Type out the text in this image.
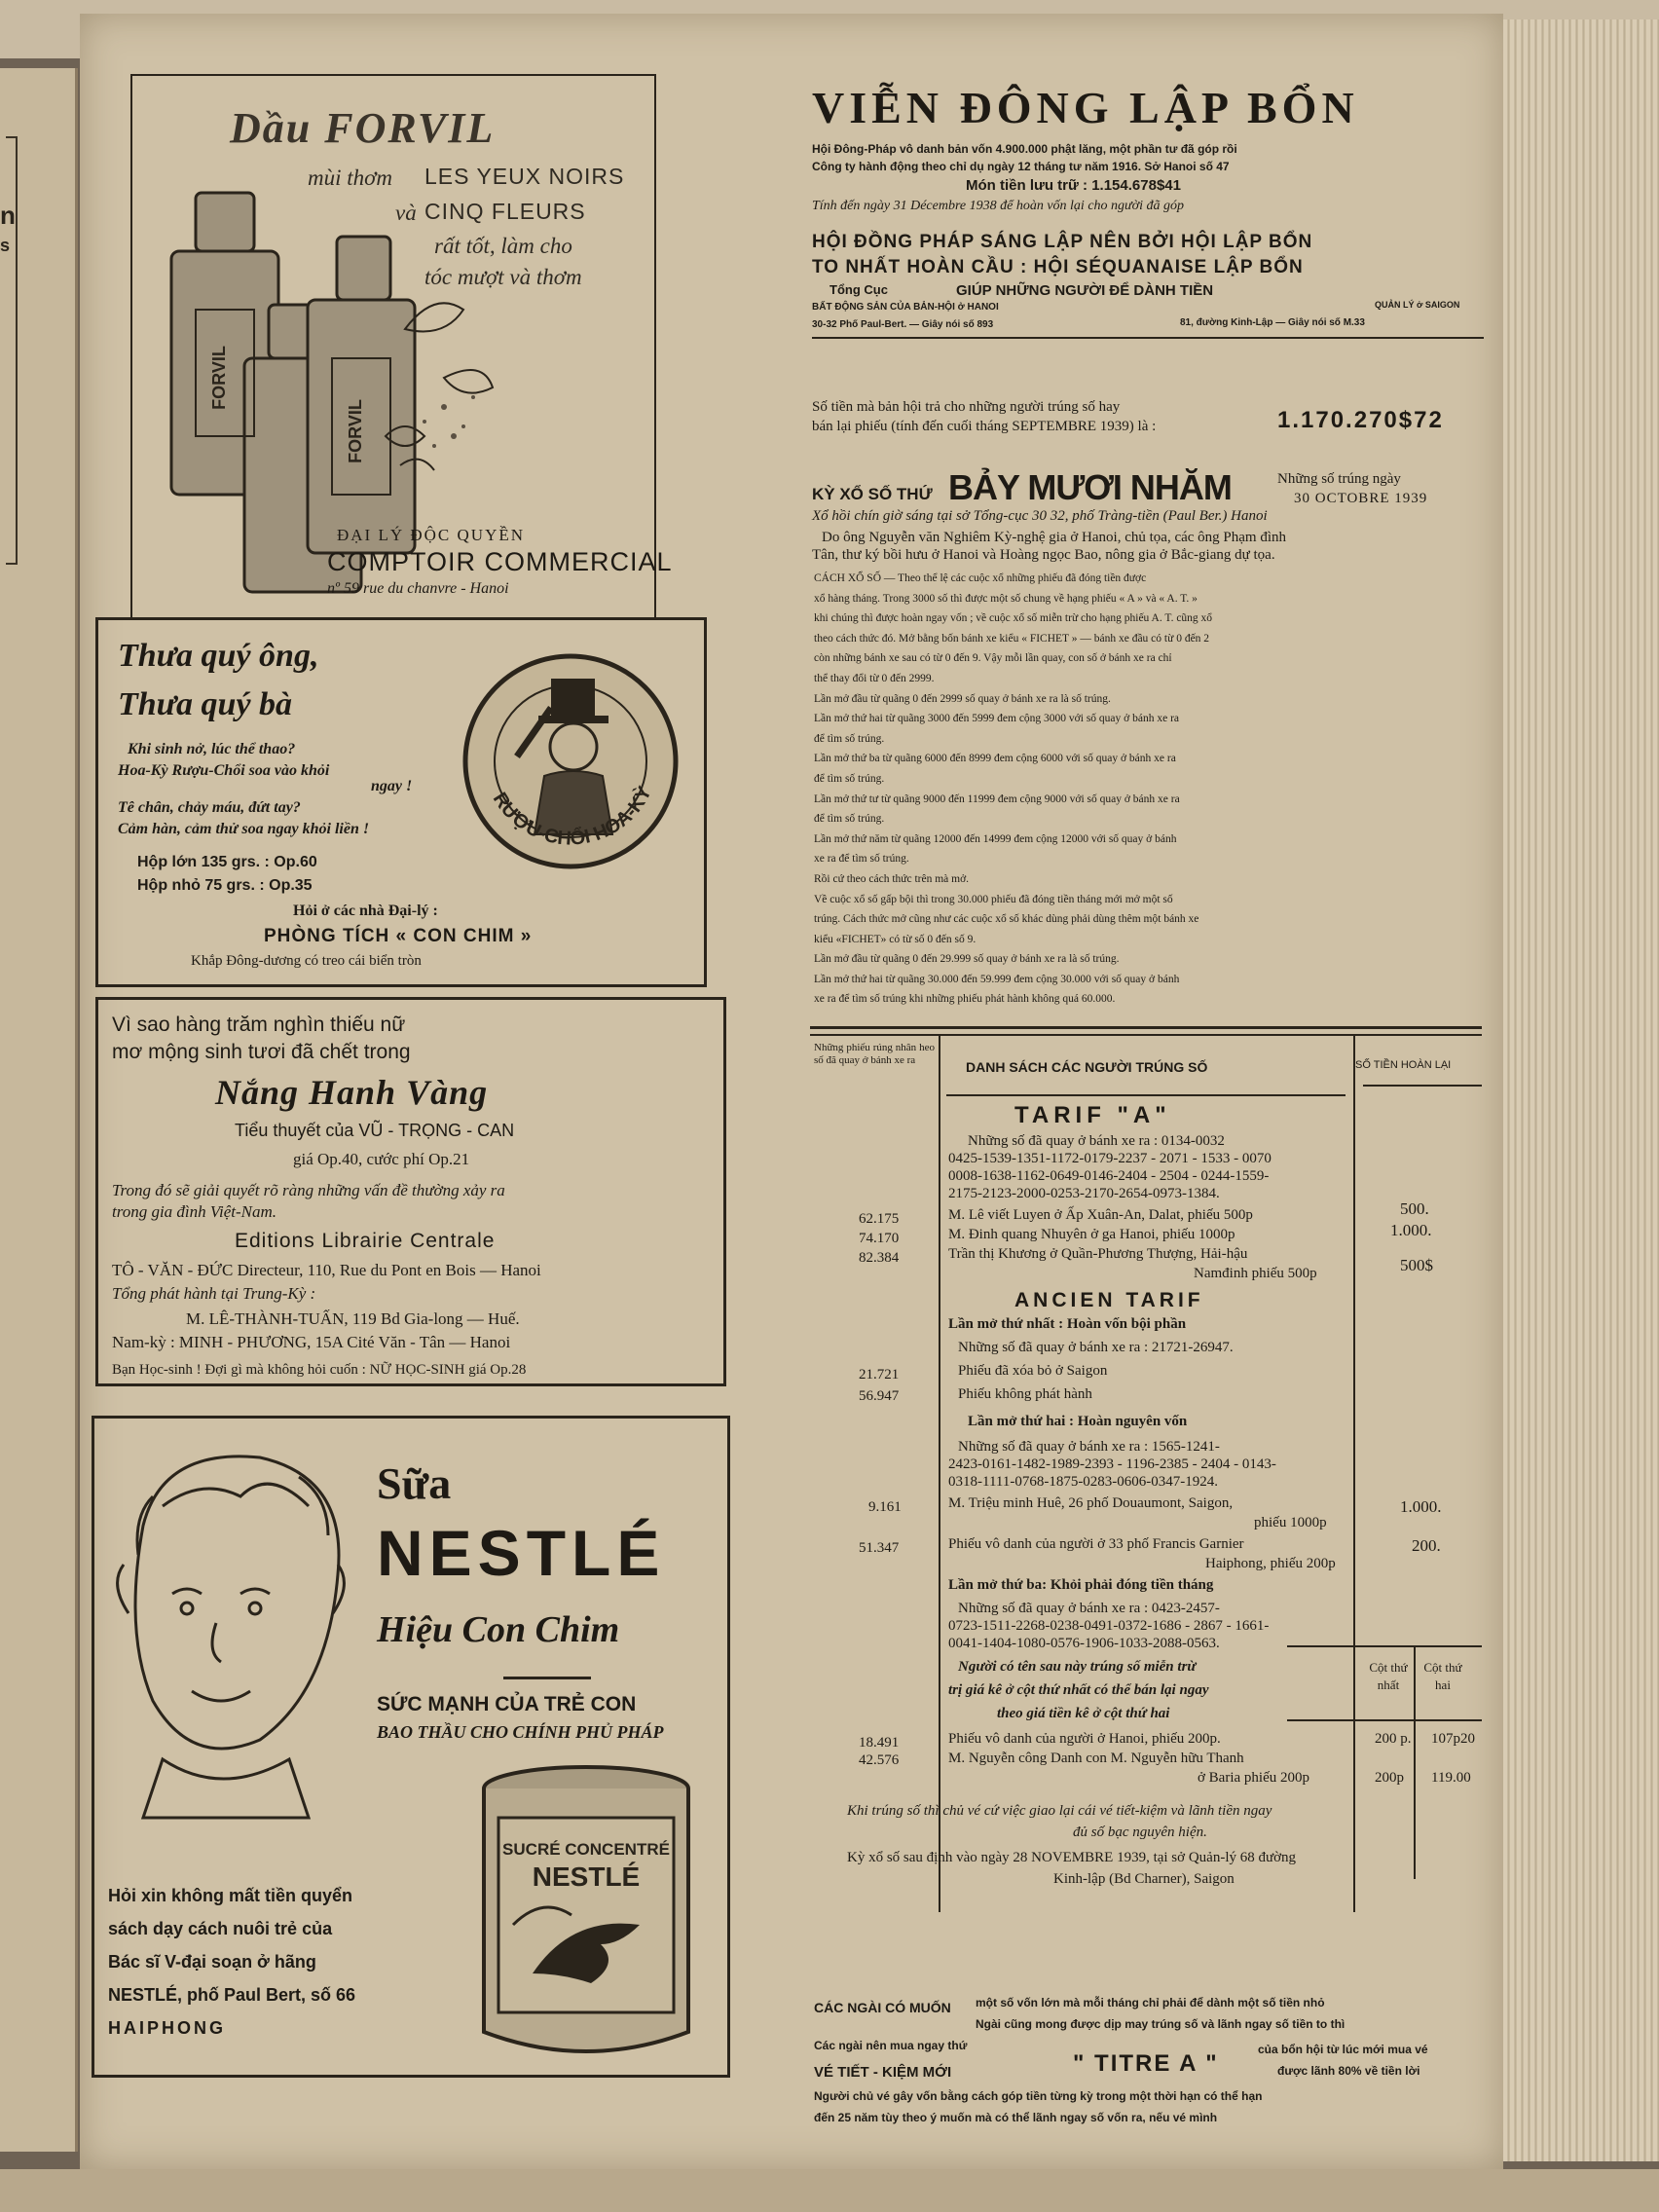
n
s
Dầu FORVIL
mùi thơm LES YEUX NOIRS
và CINQ FLEURS
rất tốt, làm cho
tóc mượt và thơm
FORVIL
FORVIL
ĐẠI LÝ ĐỘC QUYỀN
COMPTOIR COMMERCIAL
nº 59 rue du chanvre - Hanoi
Thưa quý ông,
Thưa quý bà
Khi sinh nở, lúc thể thao?
Hoa-Kỳ Rượu-Chổi soa vào khỏi
ngay !
Tê chân, chảy máu, đứt tay?
Cảm hàn, cảm thử soa ngay khỏi liền !
Hộp lớn 135 grs. : Op.60
Hộp nhỏ 75 grs. : Op.35
Hỏi ở các nhà Đại-lý :
PHÒNG TÍCH « CON CHIM »
Khắp Đông-dương có treo cái biển tròn
RƯỢU-CHỔI HOA-KỲ
Vì sao hàng trăm nghìn thiếu nữ
mơ mộng sinh tươi đã chết trong
Nắng Hanh Vàng
Tiểu thuyết của VŨ - TRỌNG - CAN
giá Op.40, cước phí Op.21
Trong đó sẽ giải quyết rõ ràng những vấn đề thường xảy ra
trong gia đình Việt-Nam.
Editions Librairie Centrale
TÔ - VĂN - ĐỨC Directeur, 110, Rue du Pont en Bois — Hanoi
Tổng phát hành tại Trung-Kỳ :
M. LÊ-THÀNH-TUẤN, 119 Bd Gia-long — Huế.
Nam-kỳ : MINH - PHƯƠNG, 15A Cité Văn - Tân — Hanoi
Bạn Học-sinh ! Đợi gì mà không hỏi cuốn : NỮ HỌC-SINH giá Op.28
Sữa
NESTLÉ
Hiệu Con Chim
SỨC MẠNH CỦA TRẺ CON
BAO THẦU CHO CHÍNH PHỦ PHÁP
Hỏi xin không mất tiền quyển
sách dạy cách nuôi trẻ của
Bác sĩ V-đại soạn ở hãng
NESTLÉ, phố Paul Bert, số 66
HAIPHONG
SUCRÉ CONCENTRÉ
NESTLÉ
VIỄN ĐÔNG LẬP BỔN
Hội Đông-Pháp vô danh bản vốn 4.900.000 phật lăng, một phần tư đã góp rồi
Công ty hành động theo chỉ dụ ngày 12 tháng tư năm 1916. Sở Hanoi số 47
Món tiền lưu trữ : 1.154.678$41
Tính đến ngày 31 Décembre 1938 để hoàn vốn lại cho người đã góp
HỘI ĐỒNG PHÁP SÁNG LẬP NÊN BỞI HỘI LẬP BỔN
TO NHẤT HOÀN CẦU : HỘI SÉQUANAISE LẬP BỔN
Tổng Cục	GIÚP NHỮNG NGƯỜI ĐỂ DÀNH TIỀN
QUẢN LÝ ở SAIGON
BẤT ĐỘNG SẢN CỦA BẢN-HỘI ở HANOI
30-32 Phố Paul-Bert. — Giây nói số 893	81, đường Kinh-Lập — Giây nói số M.33
Số tiền mà bản hội trả cho những người trúng số hay
bán lại phiếu (tính đến cuối tháng SEPTEMBRE 1939) là :	1.170.270$72
KỲ XỔ SỐ THỨ BẢY MƯƠI NHĂM	Những số trúng ngày
30 OCTOBRE 1939
Xổ hồi chín giờ sáng tại sở Tổng-cục 30 32, phố Tràng-tiền (Paul Ber.) Hanoi
Do ông Nguyễn văn Nghiêm Kỳ-nghệ gia ở Hanoi, chủ tọa, các ông Phạm đình
Tân, thư ký bồi hưu ở Hanoi và Hoàng ngọc Bao, nông gia ở Bắc-giang dự tọa.
CÁCH XỔ SỐ — Theo thể lệ các cuộc xổ những phiếu đã đóng tiền được
xổ hàng tháng. Trong 3000 số thì được một số chung về hạng phiếu « A » và « A. T. »
khi chúng thì được hoàn ngay vốn ; về cuộc xổ số miễn trừ cho hạng phiếu A. T. cũng xổ
theo cách thức đó. Mở bằng bốn bánh xe kiểu « FICHET » — bánh xe đầu có từ 0 đến 2
còn những bánh xe sau có từ 0 đến 9. Vậy mỗi lần quay, con số ở bánh xe ra chỉ
thể thay đổi từ 0 đến 2999.
Lần mở đầu từ quãng 0 đến 2999 số quay ở bánh xe ra là số trúng.
Lần mở thứ hai từ quãng 3000 đến 5999 đem cộng 3000 với số quay ở bánh xe ra
để tìm số trúng.
Lần mở thứ ba từ quãng 6000 đến 8999 đem cộng 6000 với số quay ở bánh xe ra
để tìm số trúng.
Lần mở thứ tư từ quãng 9000 đến 11999 đem cộng 9000 với số quay ở bánh xe ra
để tìm số trúng.
Lần mở thứ năm từ quãng 12000 đến 14999 đem cộng 12000 với số quay ở bánh
xe ra để tìm số trúng.
Rồi cứ theo cách thức trên mà mở.
Về cuộc xổ số gấp bội thì trong 30.000 phiếu đã đóng tiền tháng mới mở một số
trúng. Cách thức mở cũng như các cuộc xổ số khác dùng phải dùng thêm một bánh xe
kiểu «FICHET» có từ số 0 đến số 9.
Lần mở đầu từ quãng 0 đến 29.999 số quay ở bánh xe ra là số trúng.
Lần mở thứ hai từ quãng 30.000 đến 59.999 đem cộng 30.000 với số quay ở bánh
xe ra để tìm số trúng khi những phiếu phát hành không quá 60.000.
Những phiếu rúng nhân heo số đã quay ở bánh xe ra	DANH SÁCH CÁC NGƯỜI TRÚNG SỐ	SỐ TIỀN HOÀN LẠI
TARIF "A"
Những số đã quay ở bánh xe ra : 0134-0032
0425-1539-1351-1172-0179-2237 - 2071 - 1533 - 0070
0008-1638-1162-0649-0146-2404 - 2504 - 0244-1559-
2175-2123-2000-0253-2170-2654-0973-1384.
62.175	M. Lê viết Luyen ở Ấp Xuân-An, Dalat, phiếu 500p	500.
74.170	M. Đinh quang Nhuyên ở ga Hanoi, phiếu 1000p	1.000.
82.384	Trần thị Khương ở Quần-Phương Thượng, Hải-hậu
Namđinh phiếu 500p	500$
ANCIEN TARIF
Lần mở thứ nhất : Hoàn vốn bội phần
Những số đã quay ở bánh xe ra : 21721-26947.
21.721	Phiếu đã xóa bỏ ở Saigon
56.947	Phiếu không phát hành
Lần mở thứ hai : Hoàn nguyên vốn
Những số đã quay ở bánh xe ra : 1565-1241-
2423-0161-1482-1989-2393 - 1196-2385 - 2404 - 0143-
0318-1111-0768-1875-0283-0606-0347-1924.
9.161	M. Triệu minh Huê, 26 phố Douaumont, Saigon,
phiếu 1000p
1.000.
51.347	Phiếu vô danh của người ở 33 phố Francis Garnier
Haiphong, phiếu 200p
200.
Lần mở thứ ba: Khỏi phải đóng tiền tháng
Những số đã quay ở bánh xe ra : 0423-2457-
0723-1511-2268-0238-0491-0372-1686 - 2867 - 1661-
0041-1404-1080-0576-1906-1033-2088-0563.
Cột thứ nhất
Cột thứ hai
Người có tên sau này trúng số miễn trừ
trị giá kê ở cột thứ nhất có thể bán lại ngay
theo giá tiền kê ở cột thứ hai
18.491	Phiếu vô danh của người ở Hanoi, phiếu 200p.	200 p. 107p20
42.576	M. Nguyễn công Danh con M. Nguyễn hữu Thanh
ở Baria phiếu 200p	200p 119.00
Khi trúng số thì chủ vé cứ việc giao lại cái vé tiết-kiệm và lãnh tiền ngay
đủ số bạc nguyên hiện.
Kỳ xổ số sau định vào ngày 28 NOVEMBRE 1939, tại sở Quản-lý 68 đường
Kinh-lập (Bd Charner), Saigon
CÁC NGÀI CÓ MUỐN một số vốn lớn mà mỗi tháng chỉ phải để dành một số tiền nhỏ
Ngài cũng mong được dịp may trúng số và lãnh ngay số tiền to thì
Các ngài nên mua ngay thứ	của bổn hội từ lúc mới mua vé
VÉ TIẾT - KIỆM MỚI	" TITRE A "	được lãnh 80% về tiền lời
Người chủ vé gây vốn bằng cách góp tiền từng kỳ trong một thời hạn có thể hạn
đến 25 năm tùy theo ý muốn mà có thể lãnh ngay số vốn ra, nếu vé mình
